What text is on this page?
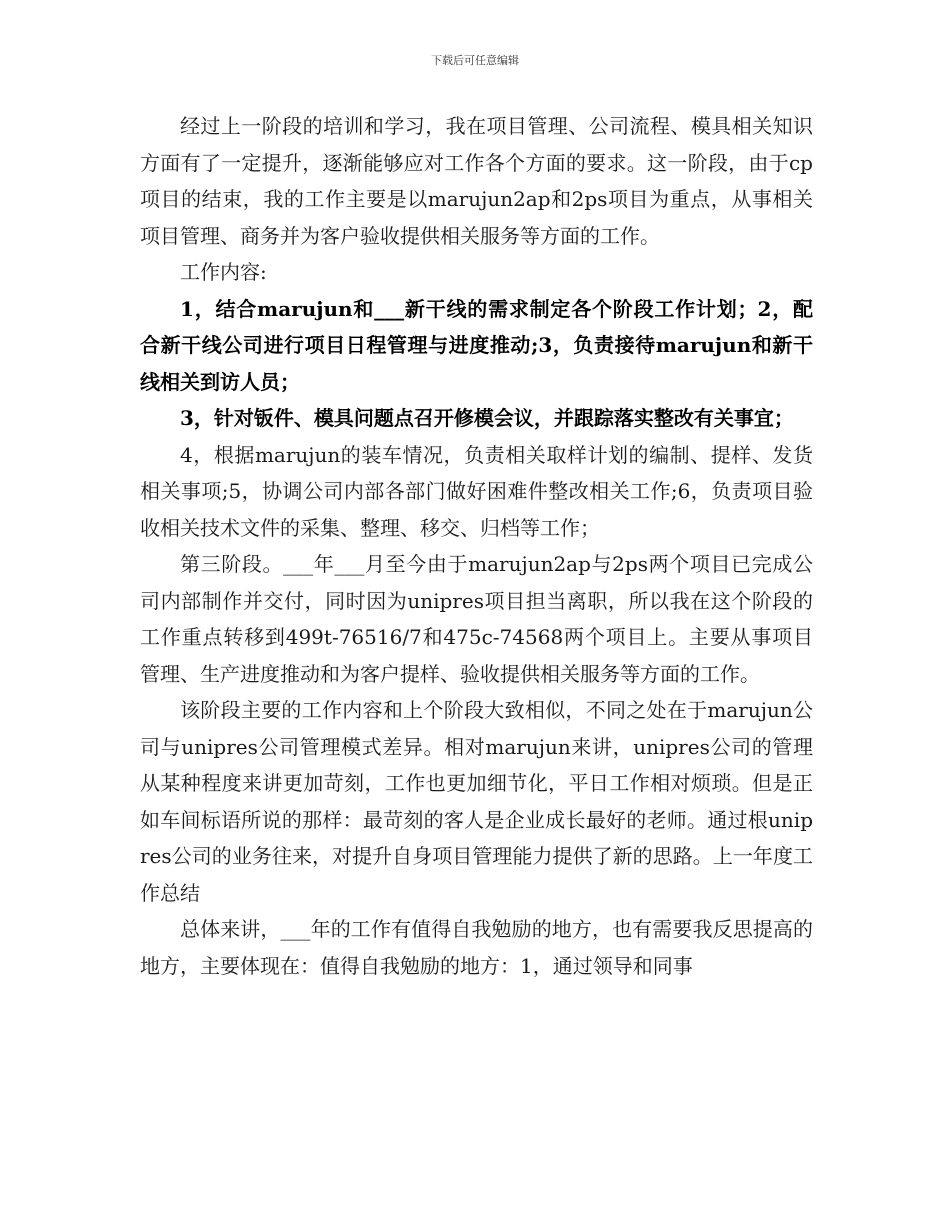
下载后可任意编辑

经过上一阶段的培训和学习，我在项目管理、公司流程、模具相关知识方面有了一定提升，逐渐能够应对工作各个方面的要求。这一阶段，由于cp项目的结束，我的工作主要是以marujun2ap和2ps项目为重点，从事相关项目管理、商务并为客户验收提供相关服务等方面的工作。

工作内容:

1，结合marujun和___新干线的需求制定各个阶段工作计划；2，配合新干线公司进行项目日程管理与进度推动;3，负责接待marujun和新干线相关到访人员；

3，针对钣件、模具问题点召开修模会议，并跟踪落实整改有关事宜；

4，根据marujun的装车情况，负责相关取样计划的编制、提样、发货相关事项;5，协调公司内部各部门做好困难件整改相关工作;6，负责项目验收相关技术文件的采集、整理、移交、归档等工作；

第三阶段。___年___月至今由于marujun2ap与2ps两个项目已完成公司内部制作并交付，同时因为unipres项目担当离职，所以我在这个阶段的工作重点转移到499t-76516/7和475c-74568两个项目上。主要从事项目管理、生产进度推动和为客户提样、验收提供相关服务等方面的工作。

该阶段主要的工作内容和上个阶段大致相似，不同之处在于marujun公司与unipres公司管理模式差异。相对marujun来讲，unipres公司的管理从某种程度来讲更加苛刻，工作也更加细节化，平日工作相对烦琐。但是正如车间标语所说的那样：最苛刻的客人是企业成长最好的老师。通过根unipres公司的业务往来，对提升自身项目管理能力提供了新的思路。上一年度工作总结

总体来讲，___年的工作有值得自我勉励的地方，也有需要我反思提高的地方，主要体现在：值得自我勉励的地方：1，通过领导和同事
